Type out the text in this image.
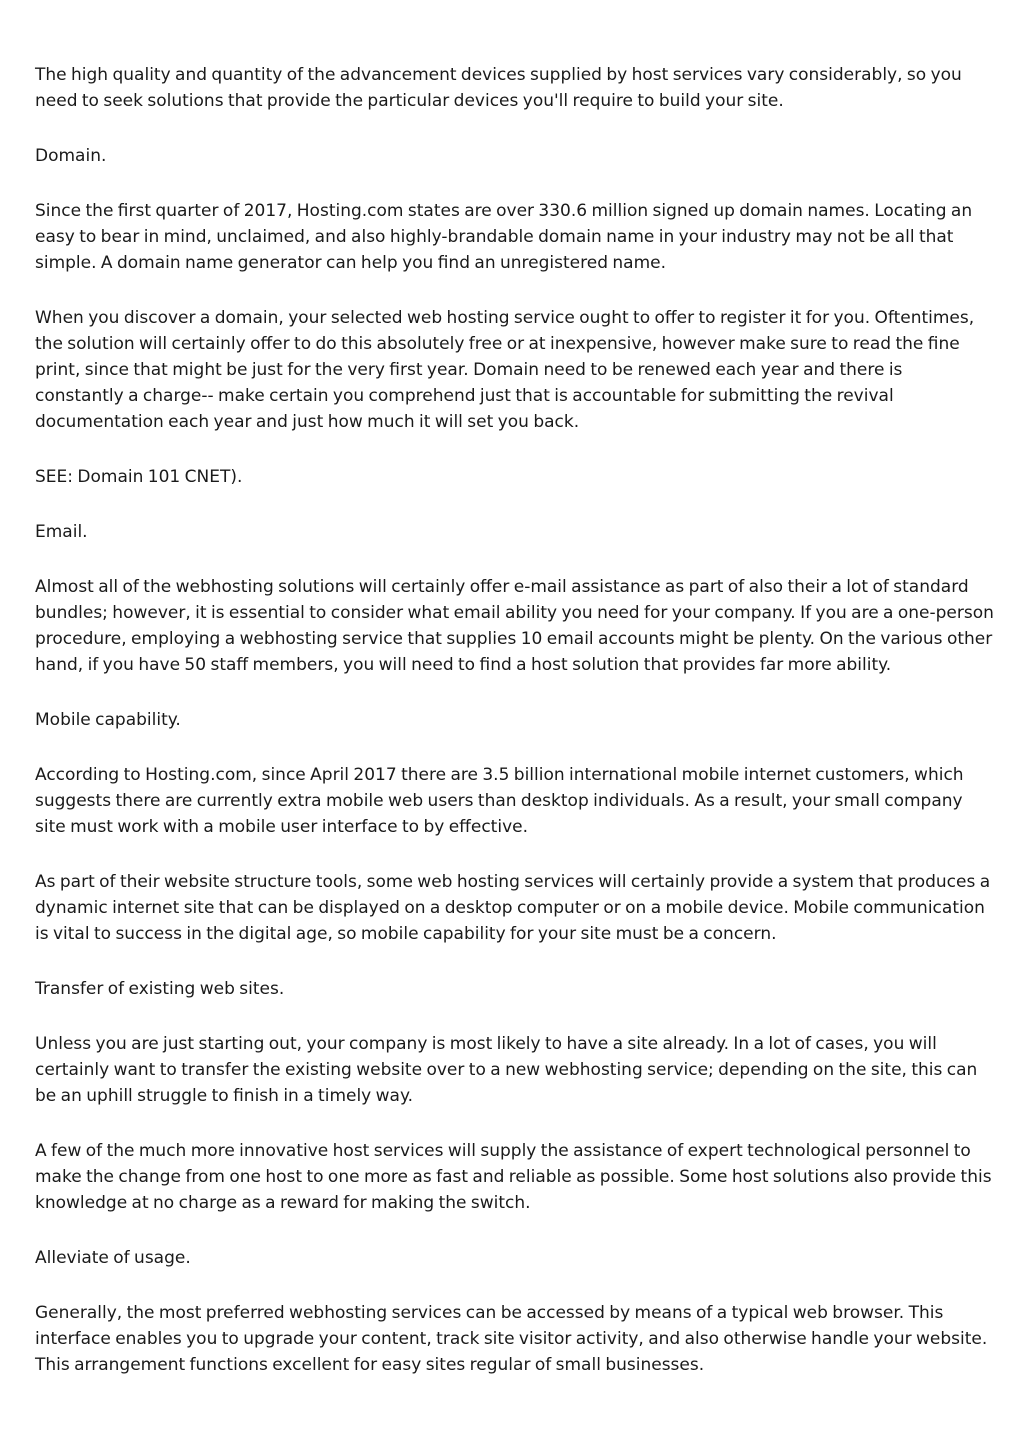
The high quality and quantity of the advancement devices supplied by host services vary considerably, so you need to seek solutions that provide the particular devices you'll require to build your site.

Domain.

Since the first quarter of 2017, Hosting.com states are over 330.6 million signed up domain names. Locating an easy to bear in mind, unclaimed, and also highly-brandable domain name in your industry may not be all that simple. A domain name generator can help you find an unregistered name.

When you discover a domain, your selected web hosting service ought to offer to register it for you. Oftentimes, the solution will certainly offer to do this absolutely free or at inexpensive, however make sure to read the fine print, since that might be just for the very first year. Domain need to be renewed each year and there is constantly a charge-- make certain you comprehend just that is accountable for submitting the revival documentation each year and just how much it will set you back.

SEE: Domain 101 CNET).

Email.

Almost all of the webhosting solutions will certainly offer e-mail assistance as part of also their a lot of standard bundles; however, it is essential to consider what email ability you need for your company. If you are a one-person procedure, employing a webhosting service that supplies 10 email accounts might be plenty. On the various other hand, if you have 50 staff members, you will need to find a host solution that provides far more ability.

Mobile capability.

According to Hosting.com, since April 2017 there are 3.5 billion international mobile internet customers, which suggests there are currently extra mobile web users than desktop individuals. As a result, your small company site must work with a mobile user interface to by effective.

As part of their website structure tools, some web hosting services will certainly provide a system that produces a dynamic internet site that can be displayed on a desktop computer or on a mobile device. Mobile communication is vital to success in the digital age, so mobile capability for your site must be a concern.

Transfer of existing web sites.

Unless you are just starting out, your company is most likely to have a site already. In a lot of cases, you will certainly want to transfer the existing website over to a new webhosting service; depending on the site, this can be an uphill struggle to finish in a timely way.

A few of the much more innovative host services will supply the assistance of expert technological personnel to make the change from one host to one more as fast and reliable as possible. Some host solutions also provide this knowledge at no charge as a reward for making the switch.

Alleviate of usage.

Generally, the most preferred webhosting services can be accessed by means of a typical web browser. This interface enables you to upgrade your content, track site visitor activity, and also otherwise handle your website. This arrangement functions excellent for easy sites regular of small businesses.
